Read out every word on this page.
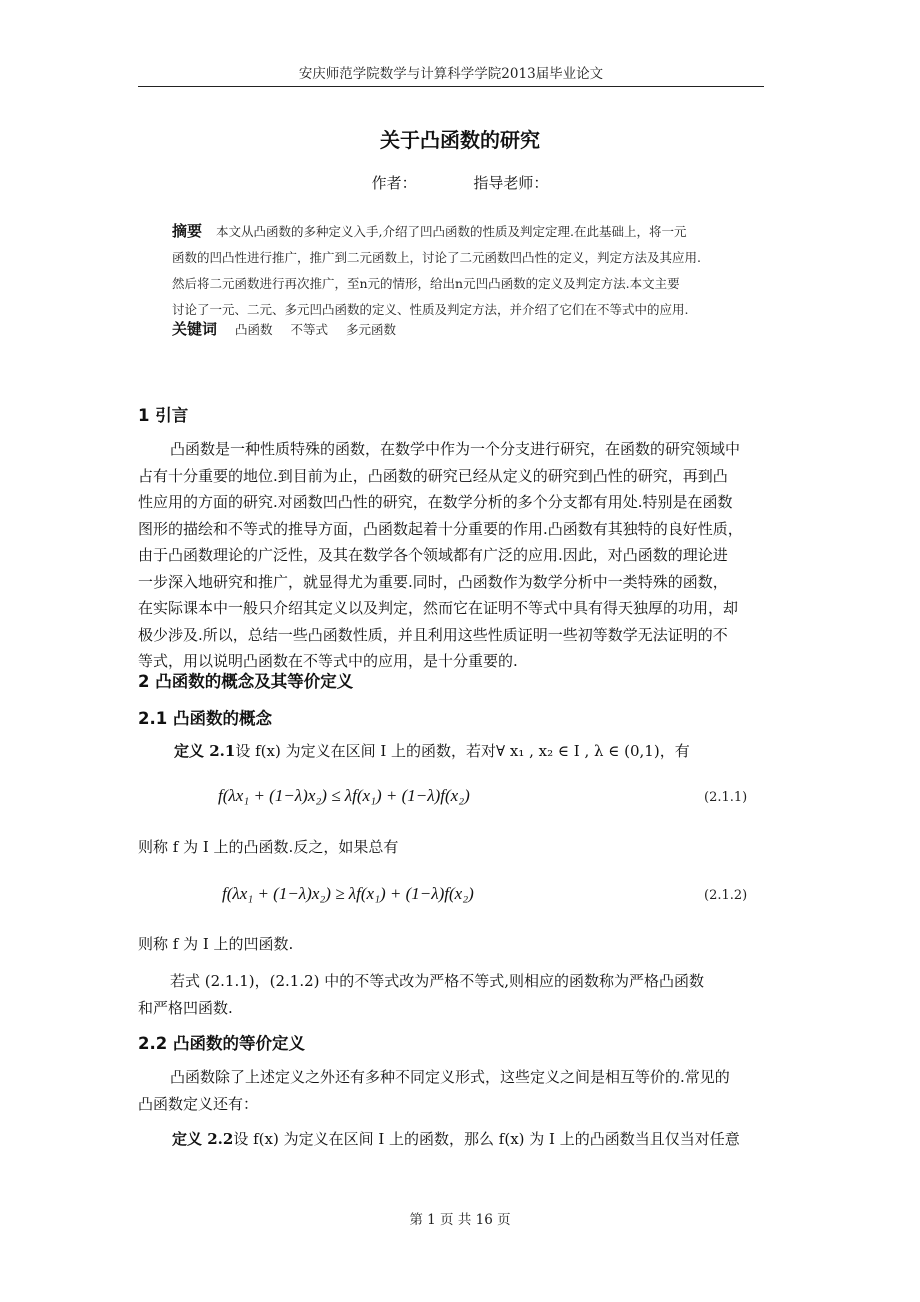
安庆师范学院数学与计算科学学院2013届毕业论文
关于凸函数的研究
作者：	指导老师：
摘要 本文从凸函数的多种定义入手,介绍了凹凸函数的性质及判定定理.在此基础上，将一元
函数的凹凸性进行推广，推广到二元函数上，讨论了二元函数凹凸性的定义，判定方法及其应用.
然后将二元函数进行再次推广，至n元的情形，给出n元凹凸函数的定义及判定方法.本文主要
讨论了一元、二元、多元凹凸函数的定义、性质及判定方法，并介绍了它们在不等式中的应用.
关键词 凸函数 不等式 多元函数
1 引言
凸函数是一种性质特殊的函数，在数学中作为一个分支进行研究，在函数的研究领域中
占有十分重要的地位.到目前为止，凸函数的研究已经从定义的研究到凸性的研究，再到凸
性应用的方面的研究.对函数凹凸性的研究，在数学分析的多个分支都有用处.特别是在函数
图形的描绘和不等式的推导方面，凸函数起着十分重要的作用.凸函数有其独特的良好性质，
由于凸函数理论的广泛性，及其在数学各个领域都有广泛的应用.因此，对凸函数的理论进
一步深入地研究和推广，就显得尤为重要.同时，凸函数作为数学分析中一类特殊的函数，
在实际课本中一般只介绍其定义以及判定，然而它在证明不等式中具有得天独厚的功用，却
极少涉及.所以，总结一些凸函数性质，并且利用这些性质证明一些初等数学无法证明的不
等式，用以说明凸函数在不等式中的应用，是十分重要的.
2 凸函数的概念及其等价定义
2.1 凸函数的概念
定义 2.1设 f(x) 为定义在区间 I 上的函数，若对∀ x₁ , x₂ ∈ I , λ ∈ (0,1)，有
f(λx₁ + (1−λ)x₂) ≤ λf(x₁) + (1−λ)f(x₂)	(2.1.1)
则称 f 为 I 上的凸函数.反之，如果总有
f(λx₁ + (1−λ)x₂) ≥ λf(x₁) + (1−λ)f(x₂)	(2.1.2)
则称 f 为 I 上的凹函数.
若式 (2.1.1)，(2.1.2) 中的不等式改为严格不等式,则相应的函数称为严格凸函数
和严格凹函数.
2.2 凸函数的等价定义
凸函数除了上述定义之外还有多种不同定义形式，这些定义之间是相互等价的.常见的
凸函数定义还有：
定义 2.2设 f(x) 为定义在区间 I 上的函数，那么 f(x) 为 I 上的凸函数当且仅当对任意
第 1 页 共 16 页
